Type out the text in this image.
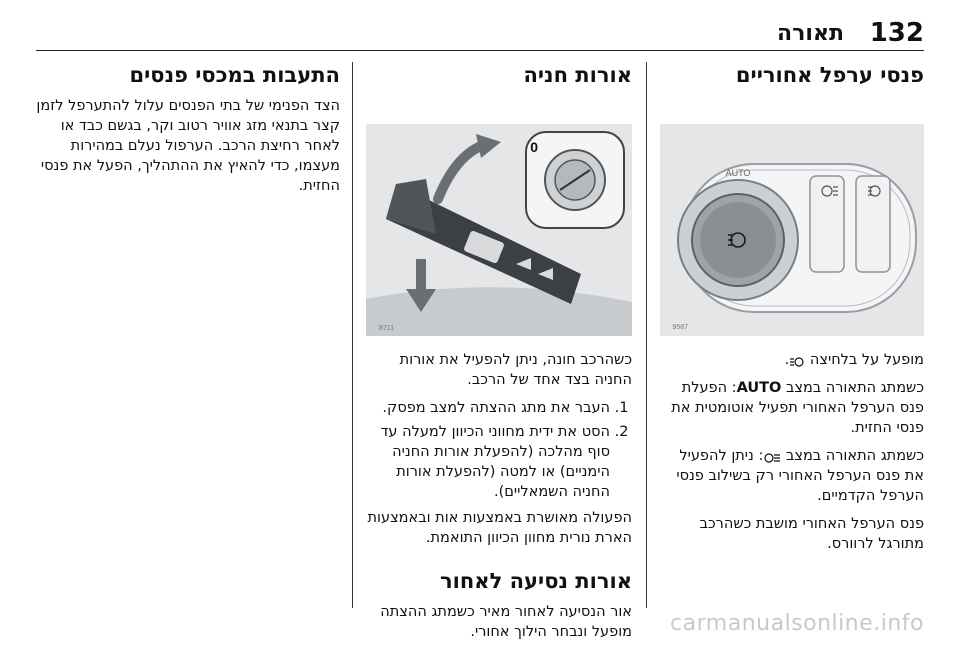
132
תאורה
פנסי ערפל אחוריים
AUTO
9587

מופעל על בלחיצה .

כשמתג התאורה במצב AUTO: הפעלת פנס הערפל האחורי תפעיל אוטומטית את פנסי החזית.

כשמתג התאורה במצב : ניתן להפעיל את פנס הערפל האחורי רק בשילוב פנסי הערפל הקדמיים.

פנס הערפל האחורי מושבת כשהרכב מתורגל לרוורס.

אורות חניה
0
8711

כשהרכב חונה, ניתן להפעיל את אורות החניה בצד אחד של הרכב.

1. העבר את מתג ההצתה למצב מפסק.
2. הסט את ידית מחווני הכיוון למעלה עד סוף מהלכה (להפעלת אורות החניה הימניים) או למטה (להפעלת אורות החניה השמאליים).

הפעולה מאושרת באמצעות אות ובאמצעות הארת נורית מחוון הכיוון התואמת.

אורות נסיעה לאחור

אור הנסיעה לאחור מאיר כשמתג ההצתה מופעל ונבחר הילוך אחורי.

התעבות במכסי פנסים

הצד הפנימי של בתי הפנסים עלול להתערפל לזמן קצר בתנאי מזג אוויר רטוב וקר, בגשם כבד או לאחר רחיצת הרכב. הערפול נעלם במהירות מעצמו, כדי להאיץ את ההתהליך, הפעל את פנסי החזית.

carmanualsonline.info
